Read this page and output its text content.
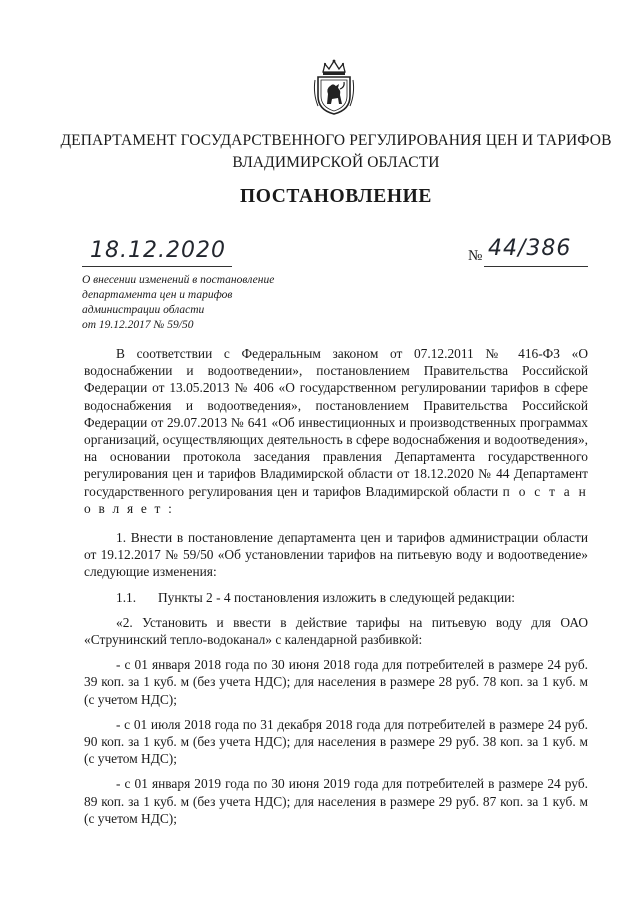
ДЕПАРТАМЕНТ ГОСУДАРСТВЕННОГО РЕГУЛИРОВАНИЯ ЦЕН И ТАРИФОВ
ВЛАДИМИРСКОЙ ОБЛАСТИ
ПОСТАНОВЛЕНИЕ
18.12.2020	№ 44/386
О внесении изменений в постановление
департамента цен и тарифов
администрации области
от 19.12.2017 № 59/50

В соответствии с Федеральным законом от 07.12.2011 № 416-ФЗ «О водоснабжении и водоотведении», постановлением Правительства Российской Федерации от 13.05.2013 № 406 «О государственном регулировании тарифов в сфере водоснабжения и водоотведения», постановлением Правительства Российской Федерации от 29.07.2013 № 641 «Об инвестиционных и производственных программах организаций, осуществляющих деятельность в сфере водоснабжения и водоотведения», на основании протокола заседания правления Департамента государственного регулирования цен и тарифов Владимирской области от 18.12.2020 № 44 Департамент государственного регулирования цен и тарифов Владимирской области п о с т а н о в л я е т :

1. Внести в постановление департамента цен и тарифов администрации области от 19.12.2017 № 59/50 «Об установлении тарифов на питьевую воду и водоотведение» следующие изменения:

1.1. Пункты 2 - 4 постановления изложить в следующей редакции:

«2. Установить и ввести в действие тарифы на питьевую воду для ОАО «Струнинский тепло-водоканал» с календарной разбивкой:

- с 01 января 2018 года по 30 июня 2018 года для потребителей в размере 24 руб. 39 коп. за 1 куб. м (без учета НДС); для населения в размере 28 руб. 78 коп. за 1 куб. м (с учетом НДС);

- с 01 июля 2018 года по 31 декабря 2018 года для потребителей в размере 24 руб. 90 коп. за 1 куб. м (без учета НДС); для населения в размере 29 руб. 38 коп. за 1 куб. м (с учетом НДС);

- с 01 января 2019 года по 30 июня 2019 года для потребителей в размере 24 руб. 89 коп. за 1 куб. м (без учета НДС); для населения в размере 29 руб. 87 коп. за 1 куб. м (с учетом НДС);
